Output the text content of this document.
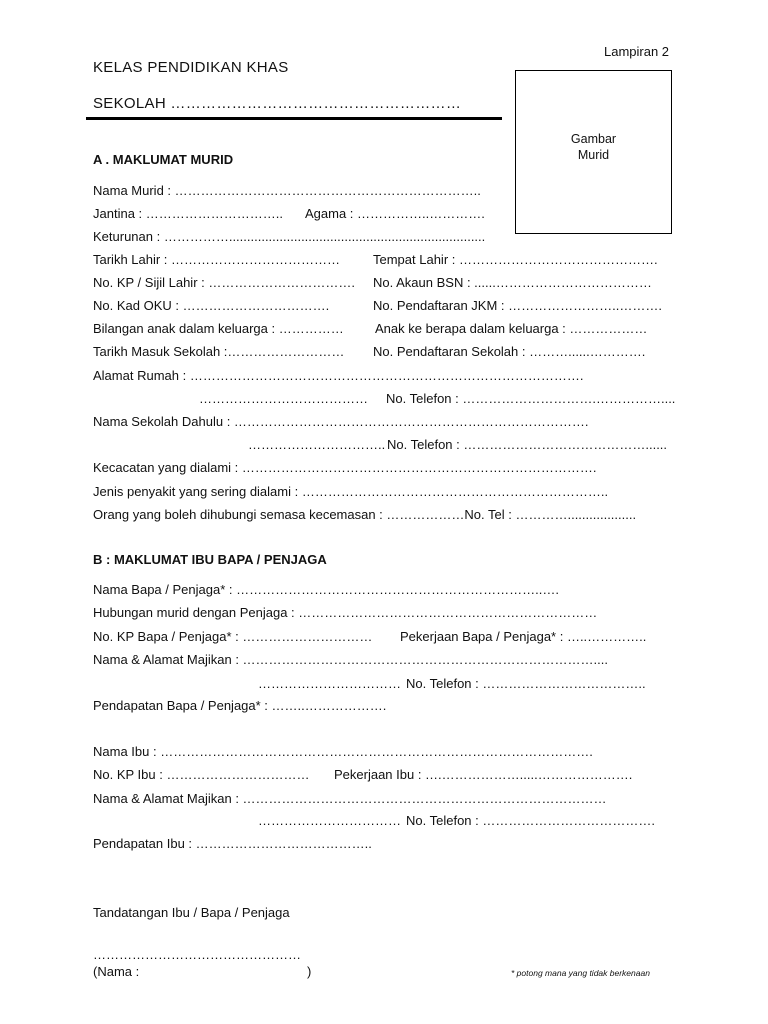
Lampiran 2
KELAS PENDIDIKAN KHAS
SEKOLAH …………………………………………………
Gambar
Murid
A . MAKLUMAT MURID
Nama Murid : ……………………………………………………………..
Jantina : ………………………….. Agama : ……………..………….
Keturunan : …………….......................................................................
Tarikh Lahir : …………………………………	Tempat Lahir : ……………………………………….
No. KP / Sijil Lahir : ……………………………. No. Akaun BSN : ......………………………………
No. Kad OKU : …………………………….	No. Pendaftaran JKM : ……………………..……….
Bilangan anak dalam keluarga : …………… Anak ke berapa dalam keluarga : ………………
Tarikh Masuk Sekolah :……………………… No. Pendaftaran Sekolah : ………......………….
Alamat Rumah : ……………………………………………………………………………….
………………………………… No. Telefon : ………………………….……………....
Nama Sekolah Dahulu : ……………………………………………………………………….
………………………….. No. Telefon : ……………………………………......
Kecacatan yang dialami : ……………………………………………………………………….
Jenis penyakit yang sering dialami : ……………………………………………………………..
Orang yang boleh dihubungi semasa kecemasan : ………………No. Tel : …………...................
B : MAKLUMAT IBU BAPA / PENJAGA
Nama Bapa / Penjaga* : ……………………………………………………………..….
Hubungan murid dengan Penjaga : ……………………………………………………………
No. KP Bapa / Penjaga* : ………………………… Pekerjaan Bapa / Penjaga* : …..…………..
Nama & Alamat Majikan : ………………………………………………………………………....
…………………………… No. Telefon : ………………………………..
Pendapatan Bapa / Penjaga* : ……..……………….
Nama Ibu : ……………………………………………………………………………………….
No. KP Ibu : …………………………… Pekerjaan Ibu : ….……………….....………………….
Nama & Alamat Majikan : …………………………………………………………………………
…………………………… No. Telefon : ………………………………….
Pendapatan Ibu : …………………………………..
Tandatangan Ibu / Bapa / Penjaga
…………………………………………
(Nama :	)	* potong mana yang tidak berkenaan
